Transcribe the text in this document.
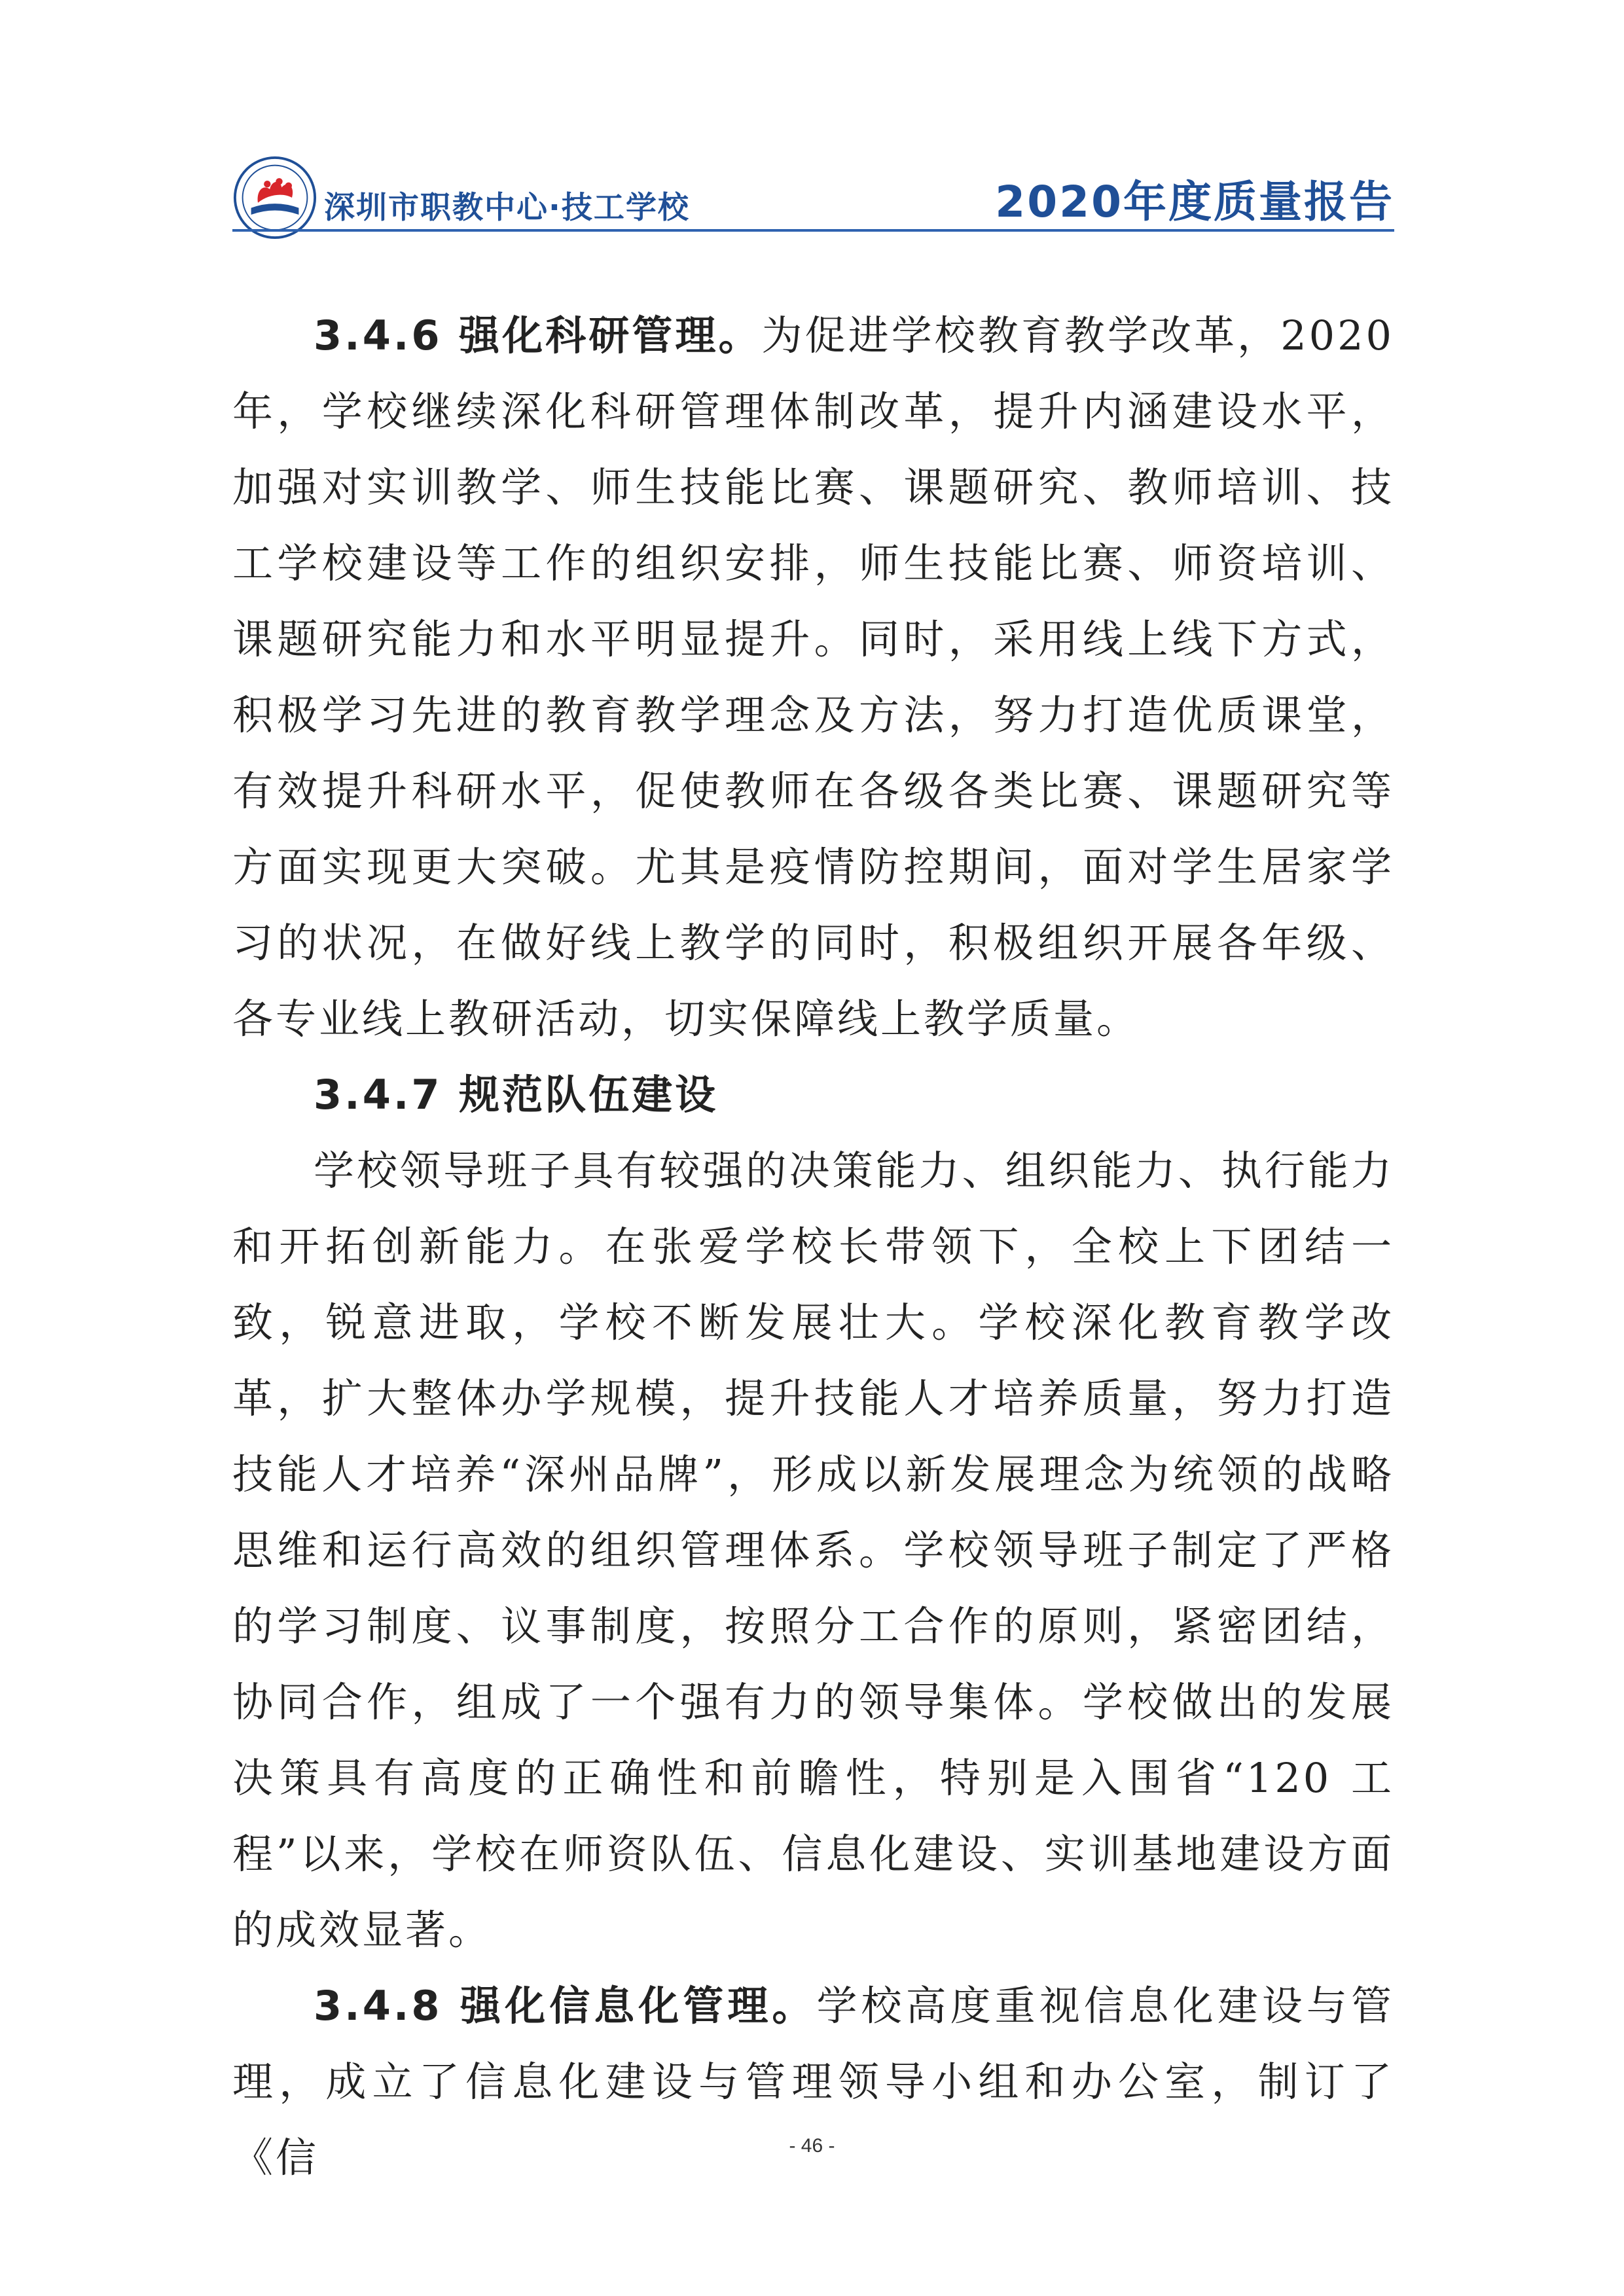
深圳市职教中心·技工学校	2020年度质量报告

3.4.6 强化科研管理。为促进学校教育教学改革，2020年，学校继续深化科研管理体制改革，提升内涵建设水平，加强对实训教学、师生技能比赛、课题研究、教师培训、技工学校建设等工作的组织安排，师生技能比赛、师资培训、课题研究能力和水平明显提升。同时，采用线上线下方式，积极学习先进的教育教学理念及方法，努力打造优质课堂，有效提升科研水平，促使教师在各级各类比赛、课题研究等方面实现更大突破。尤其是疫情防控期间，面对学生居家学习的状况，在做好线上教学的同时，积极组织开展各年级、各专业线上教研活动，切实保障线上教学质量。

3.4.7 规范队伍建设

学校领导班子具有较强的决策能力、组织能力、执行能力和开拓创新能力。在张爱学校长带领下，全校上下团结一致，锐意进取，学校不断发展壮大。学校深化教育教学改革，扩大整体办学规模，提升技能人才培养质量，努力打造技能人才培养“深州品牌”，形成以新发展理念为统领的战略思维和运行高效的组织管理体系。学校领导班子制定了严格的学习制度、议事制度，按照分工合作的原则，紧密团结，协同合作，组成了一个强有力的领导集体。学校做出的发展决策具有高度的正确性和前瞻性，特别是入围省“120 工程”以来，学校在师资队伍、信息化建设、实训基地建设方面的成效显著。

3.4.8 强化信息化管理。学校高度重视信息化建设与管理，成立了信息化建设与管理领导小组和办公室，制订了《信	- 46 -
